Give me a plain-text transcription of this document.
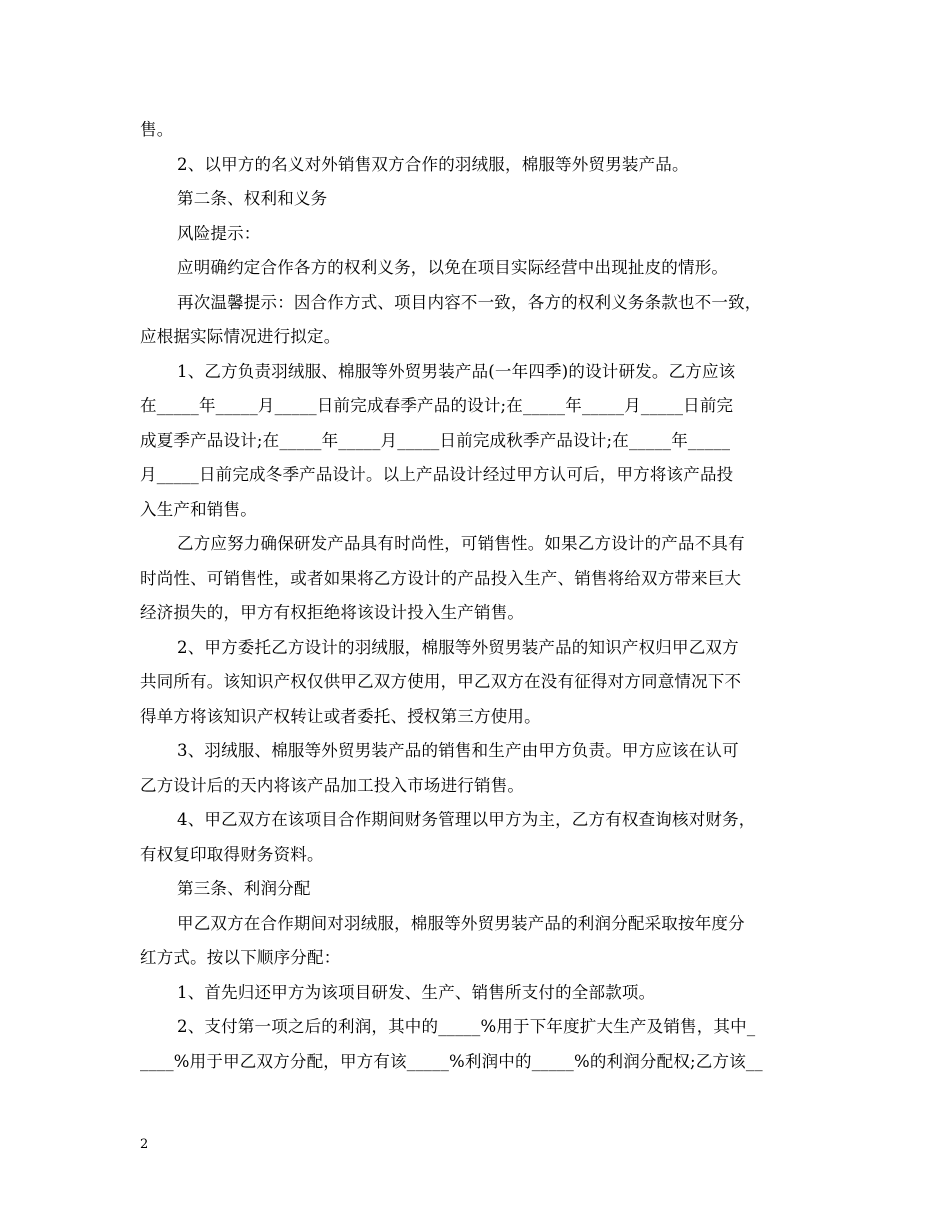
售。
2、以甲方的名义对外销售双方合作的羽绒服，棉服等外贸男装产品。
第二条、权利和义务
风险提示：
应明确约定合作各方的权利义务，以免在项目实际经营中出现扯皮的情形。
再次温馨提示：因合作方式、项目内容不一致，各方的权利义务条款也不一致，
应根据实际情况进行拟定。
1、乙方负责羽绒服、棉服等外贸男装产品(一年四季)的设计研发。乙方应该
在_____年_____月_____日前完成春季产品的设计;在_____年_____月_____日前完
成夏季产品设计;在_____年_____月_____日前完成秋季产品设计;在_____年_____
月_____日前完成冬季产品设计。以上产品设计经过甲方认可后，甲方将该产品投
入生产和销售。
乙方应努力确保研发产品具有时尚性，可销售性。如果乙方设计的产品不具有
时尚性、可销售性，或者如果将乙方设计的产品投入生产、销售将给双方带来巨大
经济损失的，甲方有权拒绝将该设计投入生产销售。
2、甲方委托乙方设计的羽绒服，棉服等外贸男装产品的知识产权归甲乙双方
共同所有。该知识产权仅供甲乙双方使用，甲乙双方在没有征得对方同意情况下不
得单方将该知识产权转让或者委托、授权第三方使用。
3、羽绒服、棉服等外贸男装产品的销售和生产由甲方负责。甲方应该在认可
乙方设计后的天内将该产品加工投入市场进行销售。
4、甲乙双方在该项目合作期间财务管理以甲方为主，乙方有权查询核对财务，
有权复印取得财务资料。
第三条、利润分配
甲乙双方在合作期间对羽绒服，棉服等外贸男装产品的利润分配采取按年度分
红方式。按以下顺序分配：
1、首先归还甲方为该项目研发、生产、销售所支付的全部款项。
2、支付第一项之后的利润，其中的_____%用于下年度扩大生产及销售，其中_
____%用于甲乙双方分配，甲方有该_____%利润中的_____%的利润分配权;乙方该__
2
